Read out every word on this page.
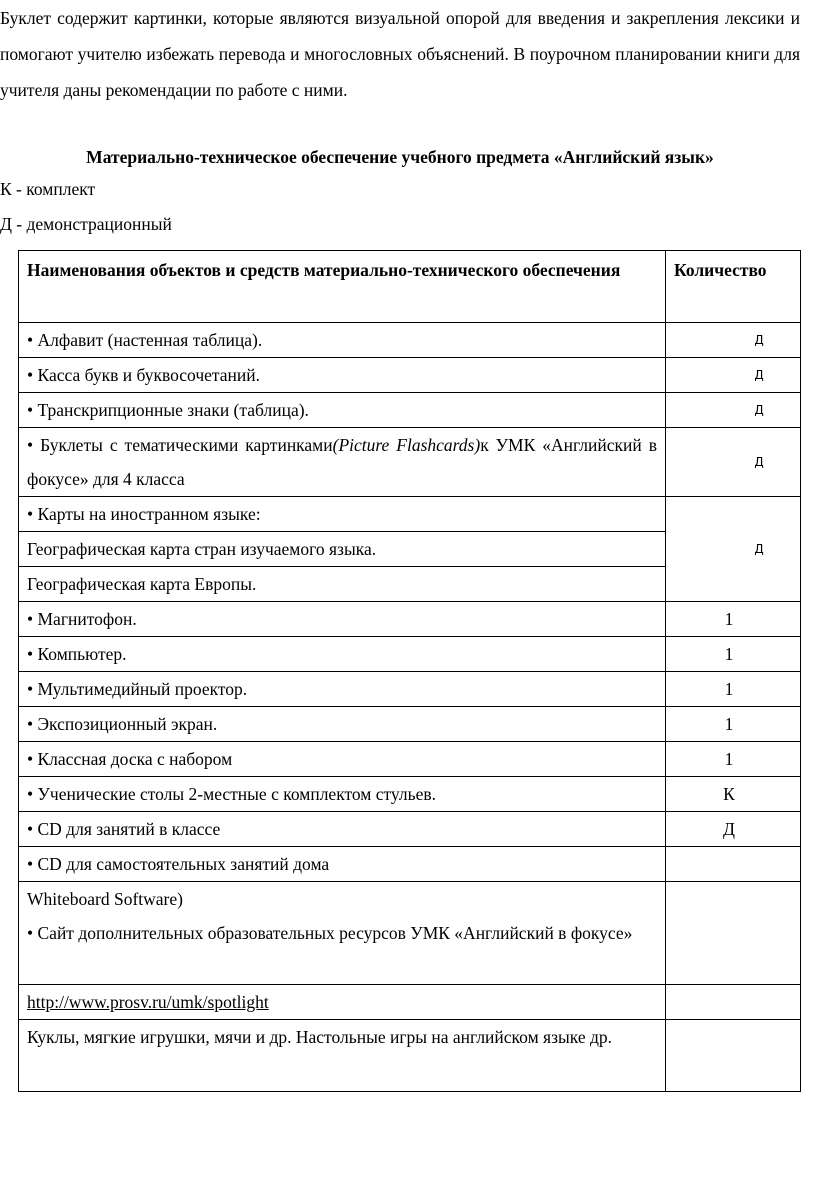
Буклет содержит картинки, которые являются визуальной опорой для введения и закрепления лексики и помогают учителю избежать перевода и многословных объяснений. В поурочном планировании книги для учителя даны рекомендации по работе с ними.
Материально-техническое обеспечение учебного предмета «Английский язык»
К - комплект
Д - демонстрационный
Наименования объектов и средств материально-технического обеспечения	Количество
• Алфавит (настенная таблица).	Д
• Касса букв и буквосочетаний.	Д
• Транскрипционные знаки (таблица).	Д
• Буклеты с тематическими картинками(Picture Flashcards)к УМК «Английский в фокусе» для 4 класса	Д
• Карты на иностранном языке:	Д
Географическая карта стран изучаемого языка.	
Географическая карта Европы.	
• Магнитофон.	1
• Компьютер.	1
• Мультимедийный проектор.	1
• Экспозиционный экран.	1
• Классная доска с набором	1
• Ученические столы 2-местные с комплектом стульев.	К
• CD для занятий в классе	Д
• CD для самостоятельных занятий дома	

Whiteboard Software)
• Сайт дополнительных образовательных ресурсов УМК «Английский в фокусе»	

http://www.prosv.ru/umk/spotlight	
Куклы, мягкие игрушки, мячи и др. Настольные игры на английском языке др.	
